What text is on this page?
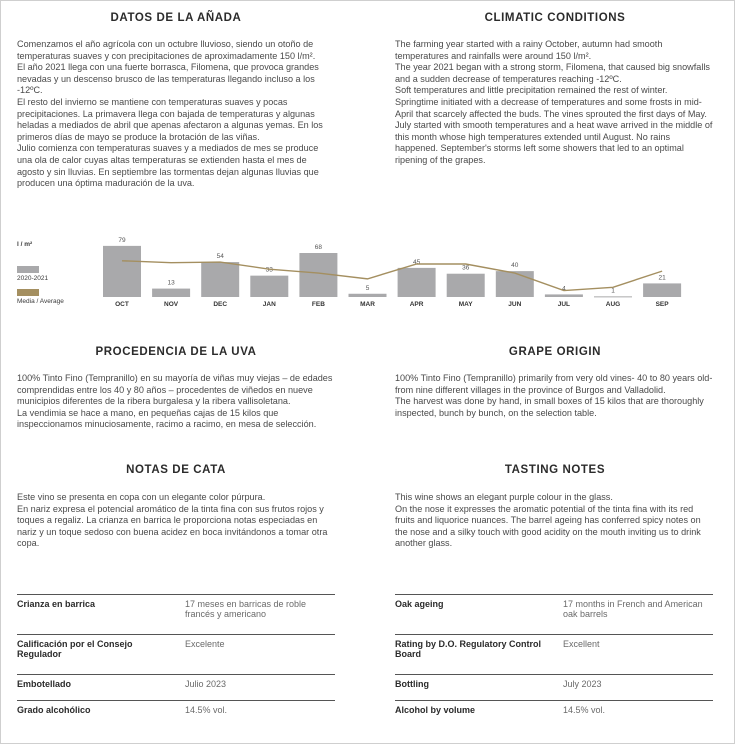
DATOS DE LA AÑADA	CLIMATIC CONDITIONS
Comenzamos el año agrícola con un octubre lluvioso, siendo un otoño de temperaturas suaves y con precipitaciones de aproximadamente 150 l/m².
El año 2021 llega con una fuerte borrasca, Filomena, que provoca grandes nevadas y un descenso brusco de las temperaturas llegando incluso a los -12ºC.
El resto del invierno se mantiene con temperaturas suaves y pocas precipitaciones. La primavera llega con bajada de temperaturas y algunas heladas a mediados de abril que apenas afectaron a algunas yemas. En los primeros días de mayo se produce la brotación de las viñas.
Julio comienza con temperaturas suaves y a mediados de mes se produce una ola de calor cuyas altas temperaturas se extienden hasta el mes de agosto y sin lluvias. En septiembre las tormentas dejan algunas lluvias que producen una óptima maduración de la uva.
The farming year started with a rainy October, autumn had smooth temperatures and rainfalls were around 150 l/m².
The year 2021 began with a strong storm, Filomena, that caused big snowfalls and a sudden decrease of temperatures reaching -12ºC.
Soft temperatures and little precipitation remained the rest of winter. Springtime initiated with a decrease of temperatures and some frosts in mid-April that scarcely affected the buds. The vines sprouted the first days of May. July started with smooth temperatures and a heat wave arrived in the middle of this month whose high temperatures extended until August. No rains happened. September's storms left some showers that led to an optimal ripening of the grapes.
l / m²
2020-2021
Media / Average
79
OCT
13
NOV
54
DEC
33
JAN
68
FEB
5
MAR
45
APR
36
MAY
40
JUN
4
JUL
1
AUG
21
SEP
PROCEDENCIA DE LA UVA	GRAPE ORIGIN
100% Tinto Fino (Tempranillo) en su mayoría de viñas muy viejas – de edades comprendidas entre los 40 y 80 años – procedentes de viñedos en nueve municipios diferentes de la ribera burgalesa y la ribera vallisoletana.
La vendimia se hace a mano, en pequeñas cajas de 15 kilos que inspeccionamos minuciosamente, racimo a racimo, en mesa de selección.
100% Tinto Fino (Tempranillo) primarily from very old vines- 40 to 80 years old- from nine different villages in the province of Burgos and Valladolid.
The harvest was done by hand, in small boxes of 15 kilos that are thoroughly inspected, bunch by bunch, on the selection table.
NOTAS DE CATA	TASTING NOTES
Este vino se presenta en copa con un elegante color púrpura.
En nariz expresa el potencial aromático de la tinta fina con sus frutos rojos y toques a regaliz. La crianza en barrica le proporciona notas especiadas en nariz y un toque sedoso con buena acidez en boca invitándonos a tomar otra copa.
This wine shows an elegant purple colour in the glass.
On the nose it expresses the aromatic potential of the tinta fina with its red fruits and liquorice nuances. The barrel ageing has conferred spicy notes on the nose and a silky touch with good acidity on the mouth inviting us to drink another glass.
Crianza en barrica	17 meses en barricas de roble francés y americano
Calificación por el Consejo Regulador	Excelente
Embotellado	Julio 2023
Grado alcohólico	14.5% vol.
Oak ageing	17 months in French and American oak barrels
Rating by D.O. Regulatory Control Board	Excellent
Bottling	July 2023
Alcohol by volume	14.5% vol.
